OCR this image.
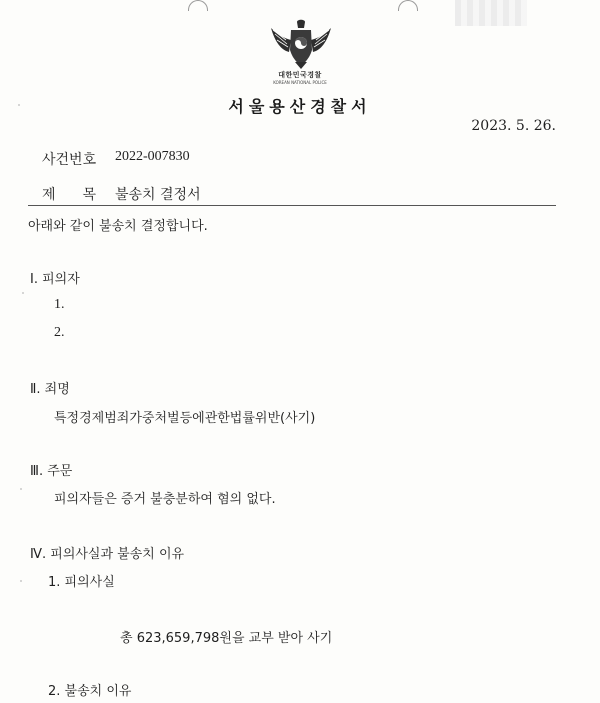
대한민국경찰
KOREAN NATIONAL POLICE
서울용산경찰서
2023. 5. 26.
사건번호 2022-007830
제목
불송치 결정서
아래와 같이 불송치 결정합니다.
Ⅰ. 피의자
1.
2.
Ⅱ. 죄명
특정경제범죄가중처벌등에관한법률위반(사기)
Ⅲ. 주문
피의자들은 증거 불충분하여 혐의 없다.
Ⅳ. 피의사실과 불송치 이유
1. 피의사실
총 623,659,798원을 교부 받아 사기
2. 불송치 이유
